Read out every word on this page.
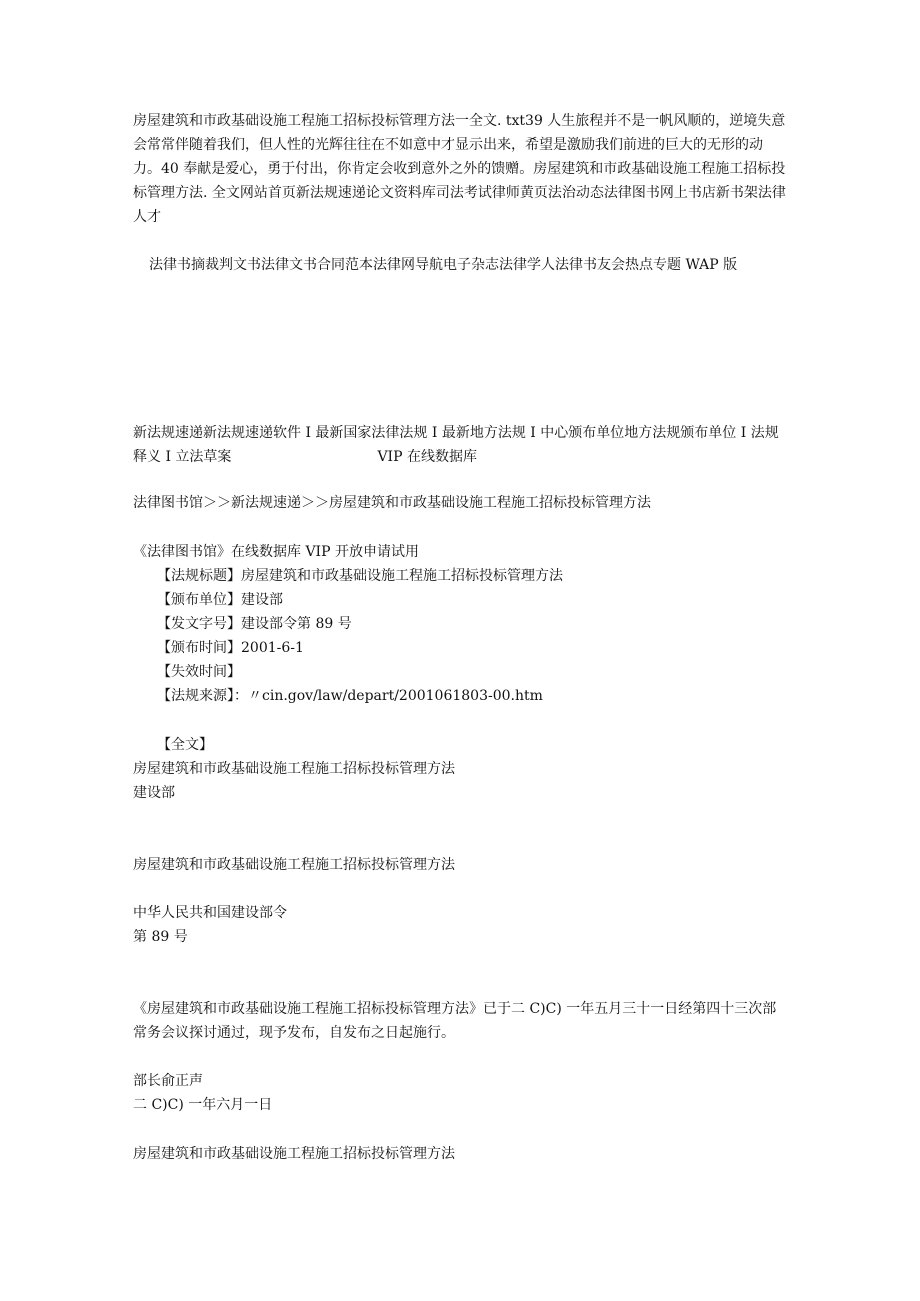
房屋建筑和市政基础设施工程施工招标投标管理方法一全文. txt39 人生旅程并不是一帆风顺的，逆境失意会常常伴随着我们，但人性的光辉往往在不如意中才显示出来，希望是激励我们前进的巨大的无形的动力。40 奉献是爱心，勇于付出，你肯定会收到意外之外的馈赠。房屋建筑和市政基础设施工程施工招标投标管理方法. 全文网站首页新法规速递论文资料库司法考试律师黄页法治动态法律图书网上书店新书架法律人才

法律书摘裁判文书法律文书合同范本法律网导航电子杂志法律学人法律书友会热点专题 WAP 版

新法规速递新法规速递软件 I 最新国家法律法规 I 最新地方法规 I 中心颁布单位地方法规颁布单位 I 法规释义 I 立法草案	VIP 在线数据库

法律图书馆＞＞新法规速递＞＞房屋建筑和市政基础设施工程施工招标投标管理方法

《法律图书馆》在线数据库 VIP 开放申请试用

【法规标题】房屋建筑和市政基础设施工程施工招标投标管理方法
【颁布单位】建设部
【发文字号】建设部令第 89 号
【颁布时间】2001-6-1
【失效时间】
【法规来源】：〃cin.gov/law/depart/2001061803-00.htm

【全文】

房屋建筑和市政基础设施工程施工招标投标管理方法
建设部

房屋建筑和市政基础设施工程施工招标投标管理方法

中华人民共和国建设部令
第 89 号

《房屋建筑和市政基础设施工程施工招标投标管理方法》已于二 C)C) 一年五月三十一日经第四十三次部常务会议探讨通过，现予发布，自发布之日起施行。

部长俞正声
二 C)C) 一年六月一日

房屋建筑和市政基础设施工程施工招标投标管理方法
